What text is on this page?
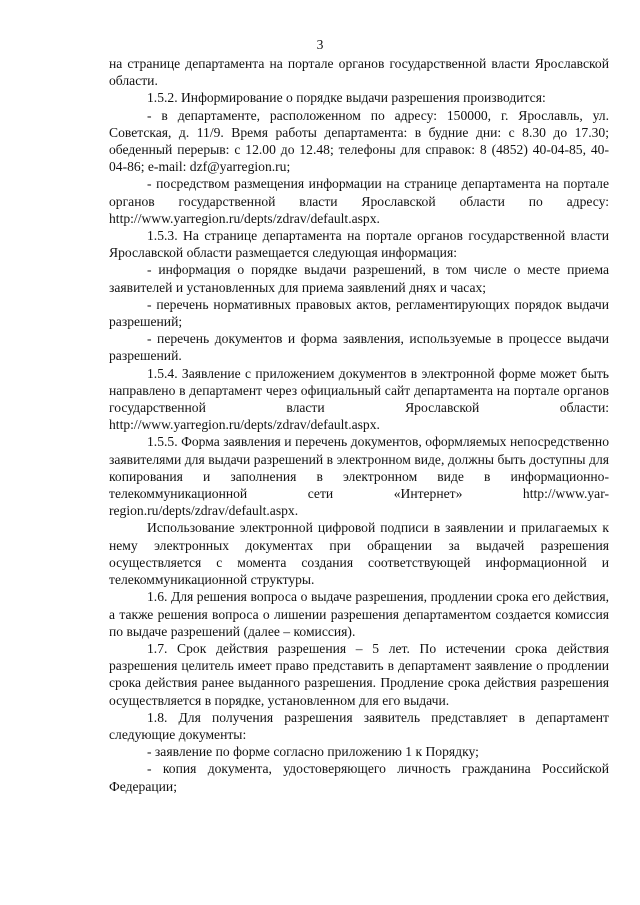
3

на странице департамента на портале органов государственной власти Ярославской области.

1.5.2. Информирование о порядке выдачи разрешения производится:

- в департаменте, расположенном по адресу: 150000, г. Ярославль, ул. Советская, д. 11/9. Время работы департамента: в будние дни: с 8.30 до 17.30; обеденный перерыв: с 12.00 до 12.48; телефоны для справок: 8 (4852) 40-04-85, 40-04-86; e-mail: dzf@yarregion.ru;

- посредством размещения информации на странице департамента на портале органов государственной власти Ярославской области по адресу: http://www.yarregion.ru/depts/zdrav/default.aspx.

1.5.3. На странице департамента на портале органов государственной власти Ярославской области размещается следующая информация:

- информация о порядке выдачи разрешений, в том числе о месте приема заявителей и установленных для приема заявлений днях и часах;

- перечень нормативных правовых актов, регламентирующих порядок выдачи разрешений;

- перечень документов и форма заявления, используемые в процессе выдачи разрешений.

1.5.4. Заявление с приложением документов в электронной форме может быть направлено в департамент через официальный сайт департамента на портале органов государственной власти Ярославской области: http://www.yarregion.ru/depts/zdrav/default.aspx.

1.5.5. Форма заявления и перечень документов, оформляемых непосредственно заявителями для выдачи разрешений в электронном виде, должны быть доступны для копирования и заполнения в электронном виде в информационно-телекоммуникационной сети «Интернет» http://www.yar-region.ru/depts/zdrav/default.aspx.

Использование электронной цифровой подписи в заявлении и прилагаемых к нему электронных документах при обращении за выдачей разрешения осуществляется с момента создания соответствующей информационной и телекоммуникационной структуры.

1.6. Для решения вопроса о выдаче разрешения, продлении срока его действия, а также решения вопроса о лишении разрешения департаментом создается комиссия по выдаче разрешений (далее – комиссия).

1.7. Срок действия разрешения – 5 лет. По истечении срока действия разрешения целитель имеет право представить в департамент заявление о продлении срока действия ранее выданного разрешения. Продление срока действия разрешения осуществляется в порядке, установленном для его выдачи.

1.8. Для получения разрешения заявитель представляет в департамент следующие документы:

- заявление по форме согласно приложению 1 к Порядку;

- копия документа, удостоверяющего личность гражданина Российской Федерации;
